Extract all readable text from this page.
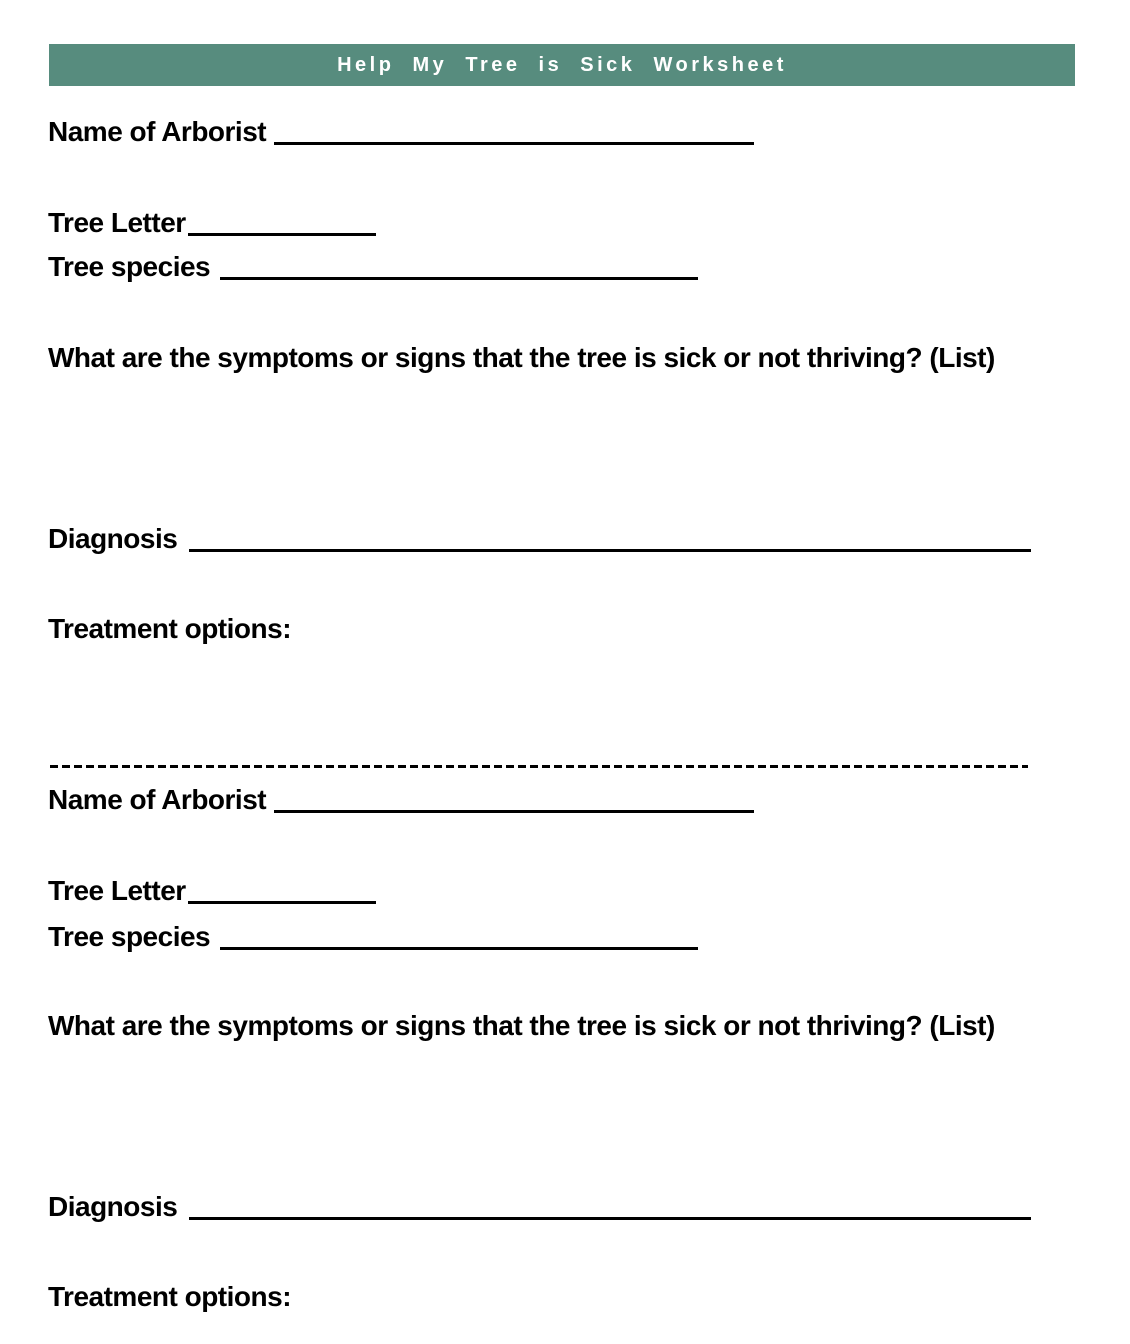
Help My Tree is Sick Worksheet
Name of Arborist
Tree Letter
Tree species
What are the symptoms or signs that the tree is sick or not thriving? (List)
Diagnosis
Treatment options:
Name of Arborist
Tree Letter
Tree species
What are the symptoms or signs that the tree is sick or not thriving? (List)
Diagnosis
Treatment options:
